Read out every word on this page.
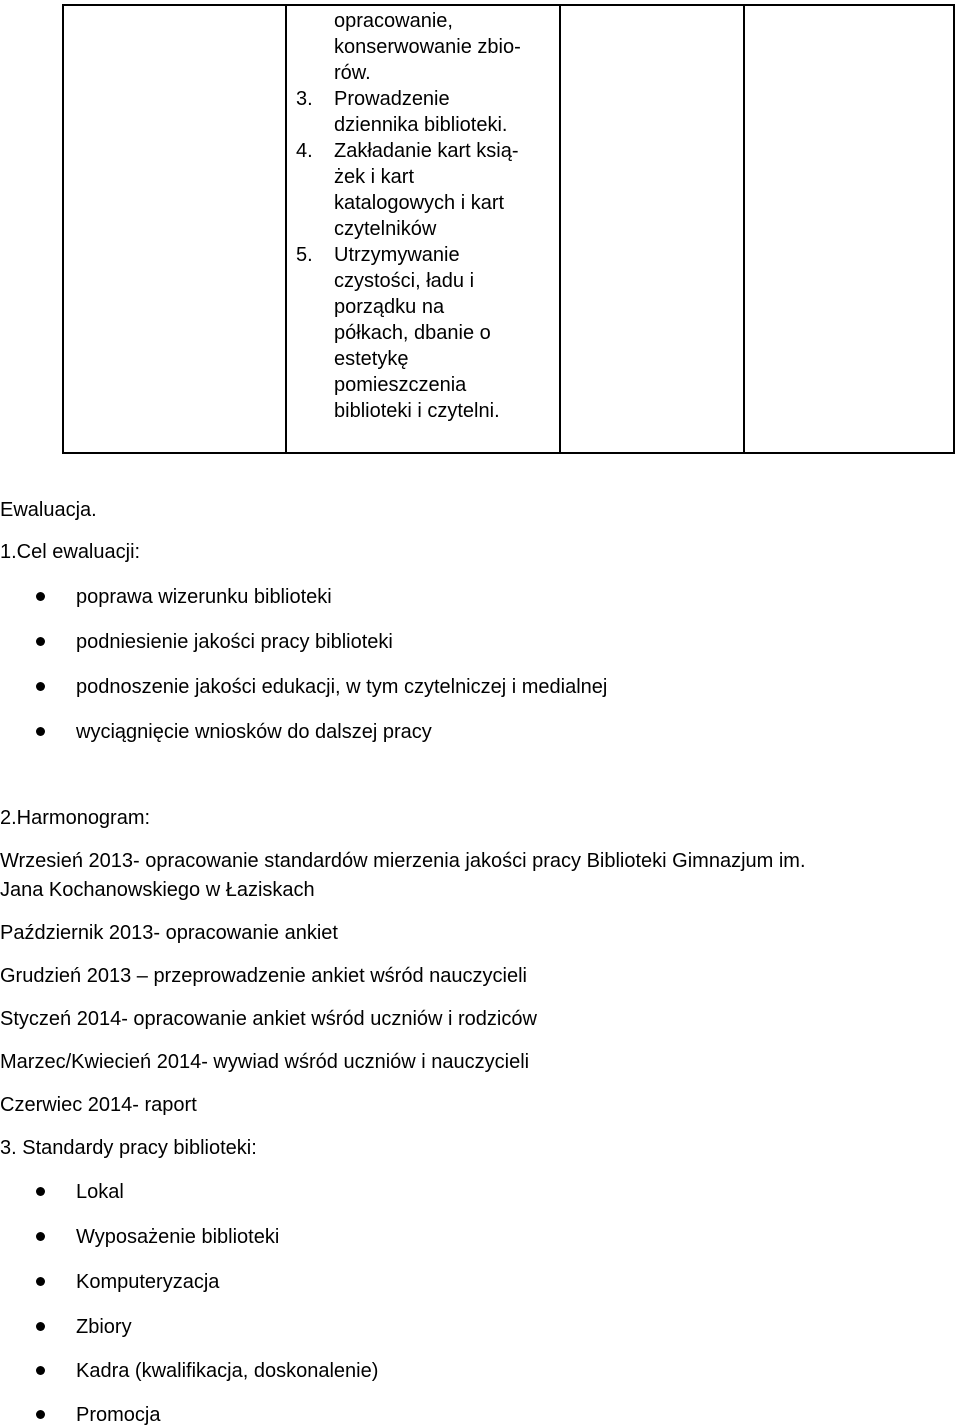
opracowanie,
konserwowanie zbio-
rów.
3.	Prowadzenie
dziennika biblioteki.
4.	Zakładanie kart ksią-
żek i kart
katalogowych i kart
czytelników
5.	Utrzymywanie
czystości, ładu i
porządku na
półkach, dbanie o
estetykę
pomieszczenia
biblioteki i czytelni.
Ewaluacja.
1.Cel ewaluacji:
poprawa wizerunku biblioteki
podniesienie jakości pracy biblioteki
podnoszenie jakości edukacji, w tym czytelniczej i medialnej
wyciągnięcie wniosków do dalszej pracy
2.Harmonogram:
Wrzesień 2013- opracowanie standardów mierzenia jakości pracy Biblioteki Gimnazjum im.
Jana Kochanowskiego w Łaziskach
Październik 2013- opracowanie ankiet
Grudzień 2013 – przeprowadzenie ankiet wśród nauczycieli
Styczeń 2014- opracowanie ankiet wśród uczniów i rodziców
Marzec/Kwiecień 2014- wywiad wśród uczniów i nauczycieli
Czerwiec 2014- raport
3. Standardy pracy biblioteki:
Lokal
Wyposażenie biblioteki
Komputeryzacja
Zbiory
Kadra (kwalifikacja, doskonalenie)
Promocja
